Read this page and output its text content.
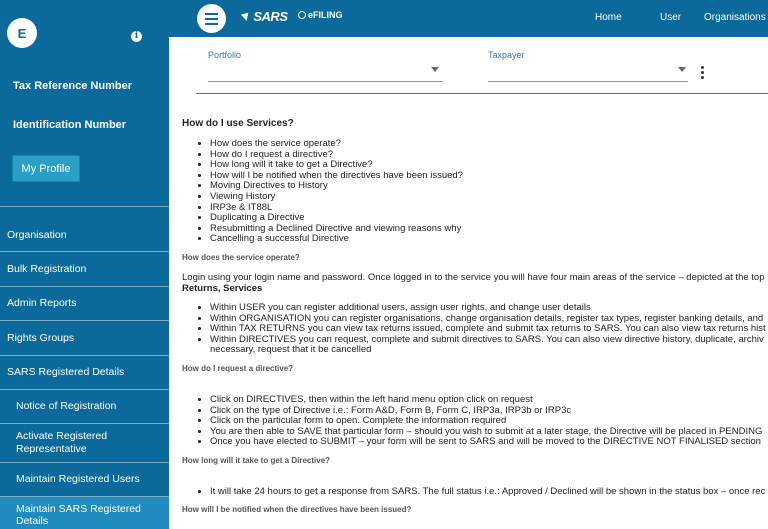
E	i
Tax Reference Number
Identification Number
My Profile
Organisation
Bulk Registration
Admin Reports
Rights Groups
SARS Registered Details
Notice of Registration
Activate Registered Representative
Maintain Registered Users
Maintain SARS Registered Details
▼SARS	eFILING	Home	User Organisations
Portfolio	Taxpayer
How do I use Services?
• How does the service operate?
• How do I request a directive?
• How long will it take to get a Directive?
• How will I be notified when the directives have been issued?
• Moving Directives to History
• Viewing History
• IRP3e & IT88L
• Duplicating a Directive
• Resubmitting a Declined Directive and viewing reasons why
• Cancelling a successful Directive
How does the service operate?
Login using your login name and password. Once logged in to the service you will have four main areas of the service – depicted at the top
Returns, Services
• Within USER you can register additional users, assign user rights, and change user details
• Within ORGANISATION you can register organisations, change organisation details, register tax types, register banking details, and
• Within TAX RETURNS you can view tax returns issued, complete and submit tax returns to SARS. You can also view tax returns hist
• Within DIRECTIVES you can request, complete and submit directives to SARS. You can also view directive history, duplicate, archiv
necessary, request that it be cancelled
How do I request a directive?
• Click on DIRECTIVES, then within the left hand menu option click on request
• Click on the type of Directive i.e.: Form A&D, Form B, Form C, IRP3a, IRP3b or IRP3c
• Click on the particular form to open. Complete the information required
• You are then able to SAVE that particular form – should you wish to submit at a later stage, the Directive will be placed in PENDING
• Once you have elected to SUBMIT – your form will be sent to SARS and will be moved to the DIRECTIVE NOT FINALISED section
How long will it take to get a Directive?
• It will take 24 hours to get a response from SARS. The full status i.e.: Approved / Declined will be shown in the status box – once rec
How will I be notified when the directives have been issued?
